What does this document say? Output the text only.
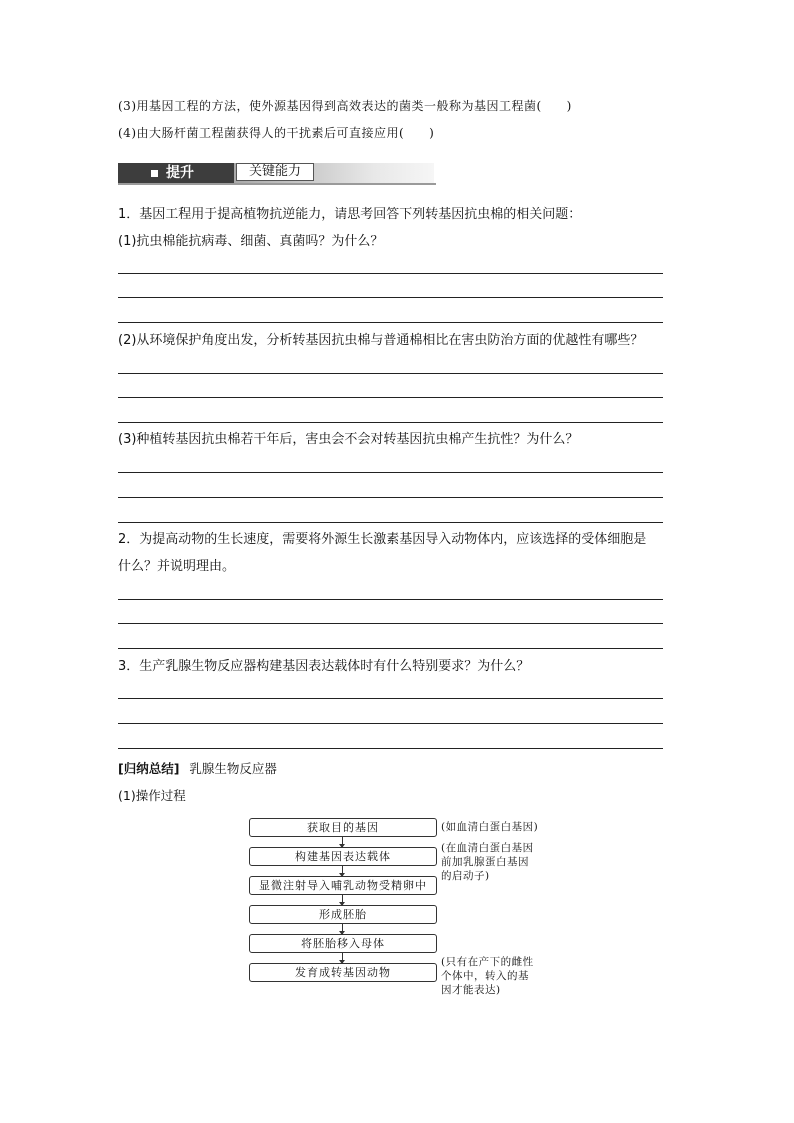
(3)用基因工程的方法，使外源基因得到高效表达的菌类一般称为基因工程菌(　　)
(4)由大肠杆菌工程菌获得人的干扰素后可直接应用(　　)
提升	关键能力
1．基因工程用于提高植物抗逆能力，请思考回答下列转基因抗虫棉的相关问题：
(1)抗虫棉能抗病毒、细菌、真菌吗？为什么？
(2)从环境保护角度出发，分析转基因抗虫棉与普通棉相比在害虫防治方面的优越性有哪些？
(3)种植转基因抗虫棉若干年后，害虫会不会对转基因抗虫棉产生抗性？为什么？
2．为提高动物的生长速度，需要将外源生长激素基因导入动物体内，应该选择的受体细胞是
什么？并说明理由。
3．生产乳腺生物反应器构建基因表达载体时有什么特别要求？为什么？
[归纳总结] 乳腺生物反应器
(1)操作过程
获取目的基因
构建基因表达载体
显微注射导入哺乳动物受精卵中
形成胚胎
将胚胎移入母体
发育成转基因动物
(如血清白蛋白基因)
(在血清白蛋白基因
前加乳腺蛋白基因
的启动子)
(只有在产下的雌性
个体中，转入的基
因才能表达)
